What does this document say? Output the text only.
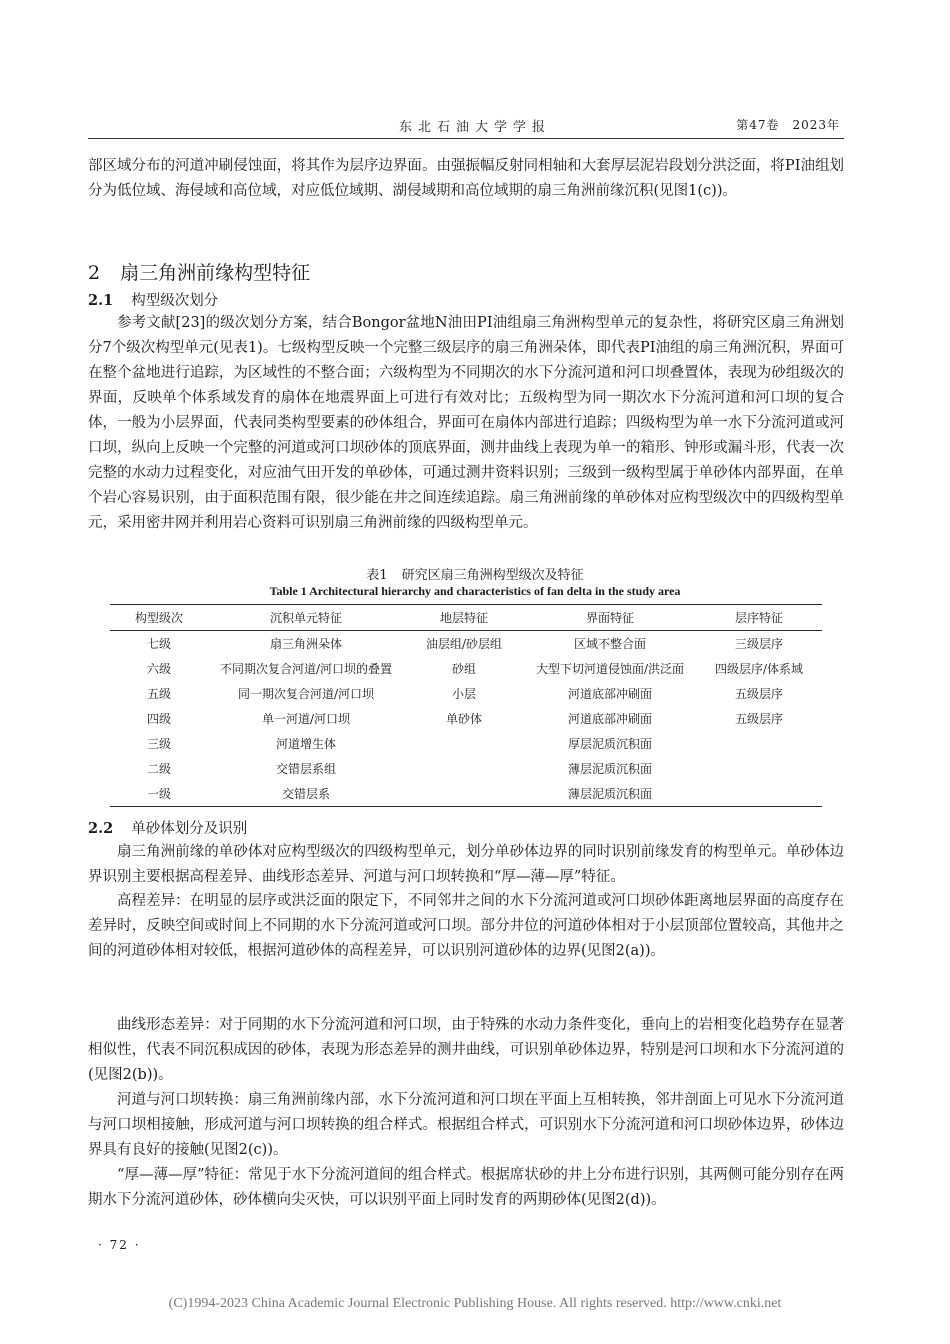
东北石油大学学报	第47卷　2023年

部区域分布的河道冲刷侵蚀面，将其作为层序边界面。由强振幅反射同相轴和大套厚层泥岩段划分洪泛面，将PⅠ油组划分为低位域、海侵域和高位域，对应低位域期、湖侵域期和高位域期的扇三角洲前缘沉积(见图1(c))。

2 扇三角洲前缘构型特征
2.1 构型级次划分

参考文献[23]的级次划分方案，结合Bongor盆地N油田PⅠ油组扇三角洲构型单元的复杂性，将研究区扇三角洲划分7个级次构型单元(见表1)。七级构型反映一个完整三级层序的扇三角洲朵体，即代表PⅠ油组的扇三角洲沉积，界面可在整个盆地进行追踪，为区域性的不整合面；六级构型为不同期次的水下分流河道和河口坝叠置体，表现为砂组级次的界面，反映单个体系域发育的扇体在地震界面上可进行有效对比；五级构型为同一期次水下分流河道和河口坝的复合体，一般为小层界面，代表同类构型要素的砂体组合，界面可在扇体内部进行追踪；四级构型为单一水下分流河道或河口坝，纵向上反映一个完整的河道或河口坝砂体的顶底界面，测井曲线上表现为单一的箱形、钟形或漏斗形，代表一次完整的水动力过程变化，对应油气田开发的单砂体，可通过测井资料识别；三级到一级构型属于单砂体内部界面，在单个岩心容易识别，由于面积范围有限，很少能在井之间连续追踪。扇三角洲前缘的单砂体对应构型级次中的四级构型单元，采用密井网并利用岩心资料可识别扇三角洲前缘的四级构型单元。

表1 研究区扇三角洲构型级次及特征
Table 1 Architectural hierarchy and characteristics of fan delta in the study area
构型级次	沉积单元特征	地层特征	界面特征	层序特征
七级	扇三角洲朵体	油层组/砂层组	区域不整合面	三级层序
六级	不同期次复合河道/河口坝的叠置	砂组	大型下切河道侵蚀面/洪泛面	四级层序/体系域
五级	同一期次复合河道/河口坝	小层	河道底部冲刷面	五级层序
四级	单一河道/河口坝	单砂体	河道底部冲刷面	五级层序
三级	河道增生体		厚层泥质沉积面	
二级	交错层系组		薄层泥质沉积面	
一级	交错层系		薄层泥质沉积面	
2.2 单砂体划分及识别

扇三角洲前缘的单砂体对应构型级次的四级构型单元，划分单砂体边界的同时识别前缘发育的构型单元。单砂体边界识别主要根据高程差异、曲线形态差异、河道与河口坝转换和“厚—薄—厚”特征。

高程差异：在明显的层序或洪泛面的限定下，不同邻井之间的水下分流河道或河口坝砂体距离地层界面的高度存在差异时，反映空间或时间上不同期的水下分流河道或河口坝。部分井位的河道砂体相对于小层顶部位置较高，其他井之间的河道砂体相对较低，根据河道砂体的高程差异，可以识别河道砂体的边界(见图2(a))。

曲线形态差异：对于同期的水下分流河道和河口坝，由于特殊的水动力条件变化，垂向上的岩相变化趋势存在显著相似性，代表不同沉积成因的砂体，表现为形态差异的测井曲线，可识别单砂体边界，特别是河口坝和水下分流河道的(见图2(b))。

河道与河口坝转换：扇三角洲前缘内部，水下分流河道和河口坝在平面上互相转换，邻井剖面上可见水下分流河道与河口坝相接触，形成河道与河口坝转换的组合样式。根据组合样式，可识别水下分流河道和河口坝砂体边界，砂体边界具有良好的接触(见图2(c))。

“厚—薄—厚”特征：常见于水下分流河道间的组合样式。根据席状砂的井上分布进行识别，其两侧可能分别存在两期水下分流河道砂体，砂体横向尖灭快，可以识别平面上同时发育的两期砂体(见图2(d))。

· 72 ·
(C)1994-2023 China Academic Journal Electronic Publishing House. All rights reserved. http://www.cnki.net
